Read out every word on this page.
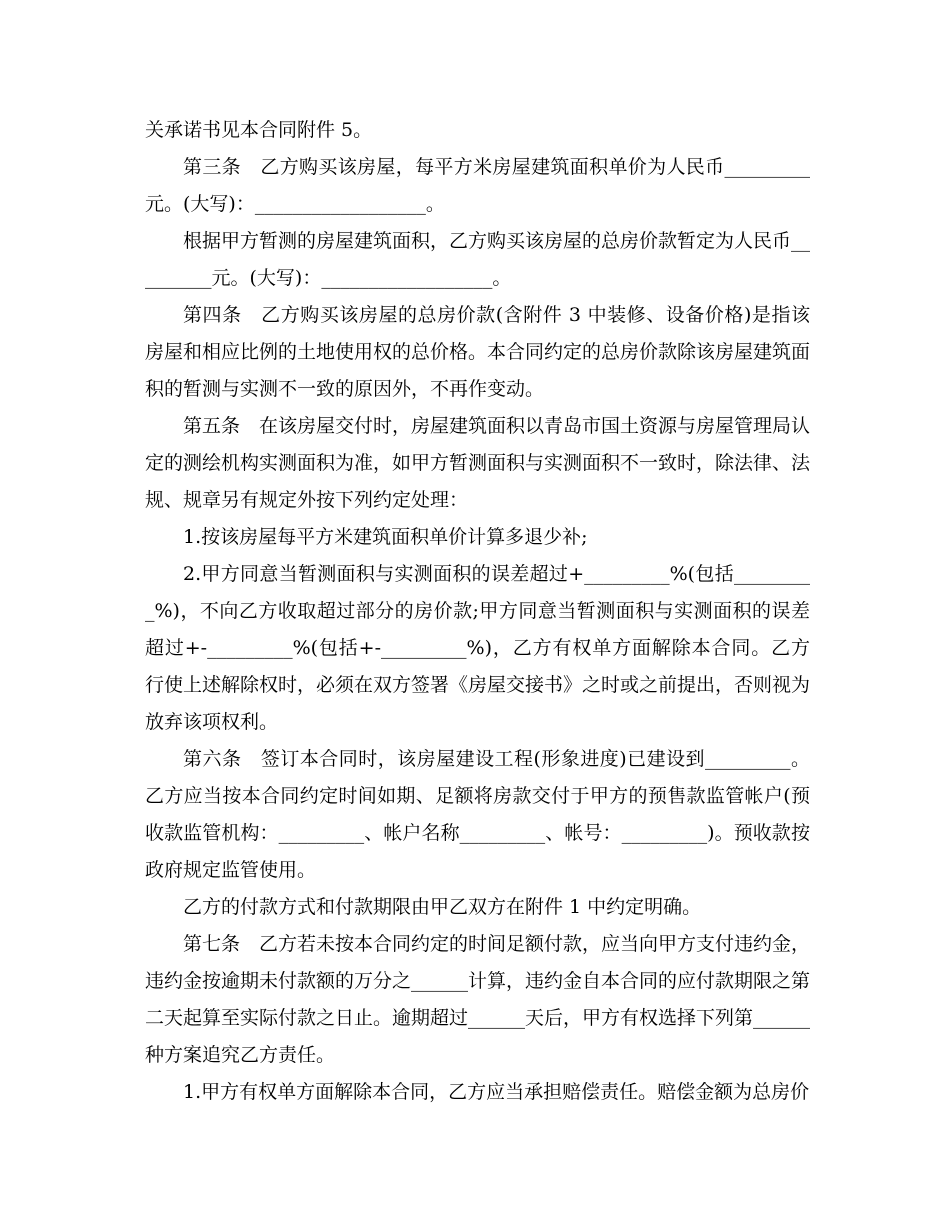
关承诺书见本合同附件 5。

第三条　乙方购买该房屋，每平方米房屋建筑面积单价为人民币_________元。(大写)：__________________。

根据甲方暂测的房屋建筑面积，乙方购买该房屋的总房价款暂定为人民币_________元。(大写)：__________________。

第四条　乙方购买该房屋的总房价款(含附件 3 中装修、设备价格)是指该房屋和相应比例的土地使用权的总价格。本合同约定的总房价款除该房屋建筑面积的暂测与实测不一致的原因外，不再作变动。

第五条　在该房屋交付时，房屋建筑面积以青岛市国土资源与房屋管理局认定的测绘机构实测面积为准，如甲方暂测面积与实测面积不一致时，除法律、法规、规章另有规定外按下列约定处理：

1.按该房屋每平方米建筑面积单价计算多退少补;

2.甲方同意当暂测面积与实测面积的误差超过+_________%(包括_________%)，不向乙方收取超过部分的房价款;甲方同意当暂测面积与实测面积的误差超过+-_________%(包括+-_________%)，乙方有权单方面解除本合同。乙方行使上述解除权时，必须在双方签署《房屋交接书》之时或之前提出，否则视为放弃该项权利。

第六条　签订本合同时，该房屋建设工程(形象进度)已建设到_________。乙方应当按本合同约定时间如期、足额将房款交付于甲方的预售款监管帐户(预收款监管机构：_________、帐户名称_________、帐号：_________)。预收款按政府规定监管使用。

乙方的付款方式和付款期限由甲乙双方在附件 1 中约定明确。

第七条　乙方若未按本合同约定的时间足额付款，应当向甲方支付违约金，违约金按逾期未付款额的万分之______计算，违约金自本合同的应付款期限之第二天起算至实际付款之日止。逾期超过______天后，甲方有权选择下列第______种方案追究乙方责任。

1.甲方有权单方面解除本合同，乙方应当承担赔偿责任。赔偿金额为总房价
